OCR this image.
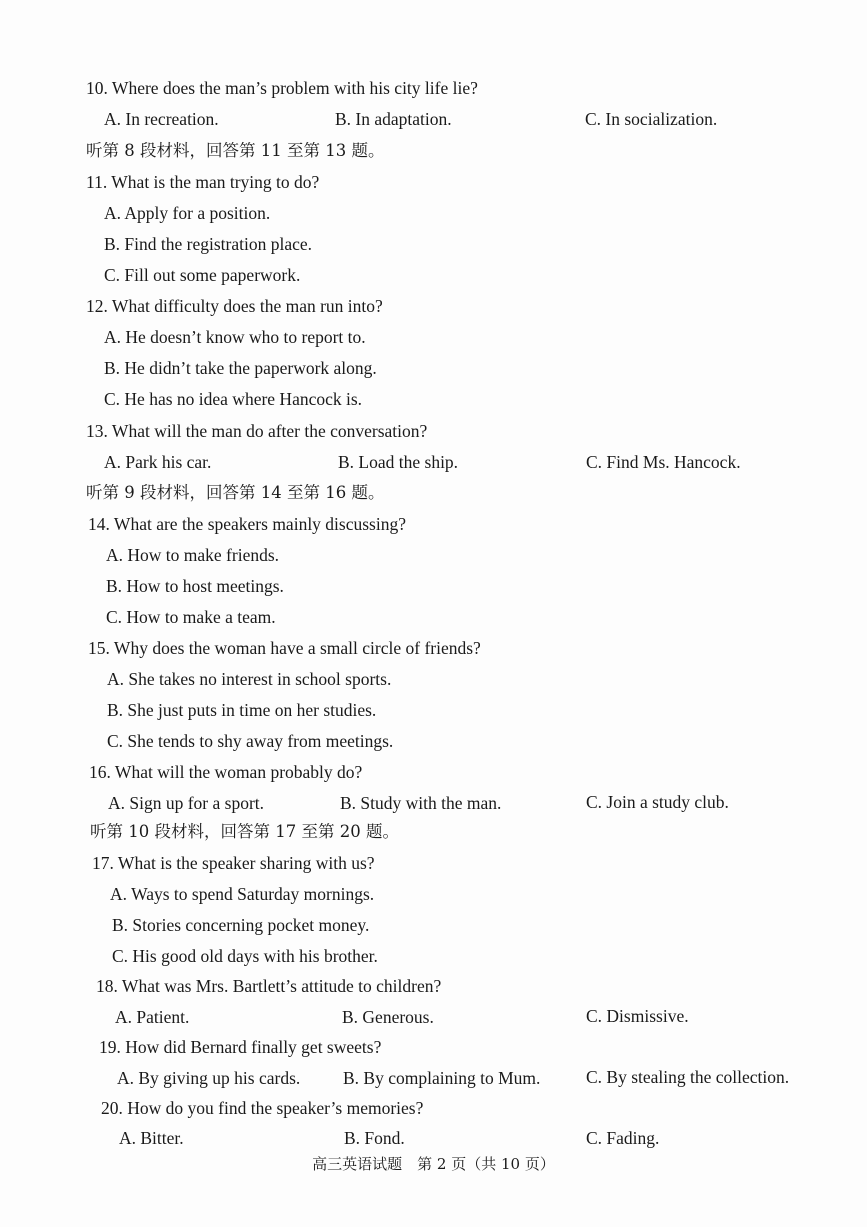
10. Where does the man’s problem with his city life lie?
A. In recreation.	B. In adaptation.	C. In socialization.
听第 8 段材料，回答第 11 至第 13 题。
11. What is the man trying to do?
A. Apply for a position.
B. Find the registration place.
C. Fill out some paperwork.
12. What difficulty does the man run into?
A. He doesn’t know who to report to.
B. He didn’t take the paperwork along.
C. He has no idea where Hancock is.
13. What will the man do after the conversation?
A. Park his car.	B. Load the ship.	C. Find Ms. Hancock.
听第 9 段材料，回答第 14 至第 16 题。
14. What are the speakers mainly discussing?
A. How to make friends.
B. How to host meetings.
C. How to make a team.
15. Why does the woman have a small circle of friends?
A. She takes no interest in school sports.
B. She just puts in time on her studies.
C. She tends to shy away from meetings.
16. What will the woman probably do?
A. Sign up for a sport.	B. Study with the man.	C. Join a study club.
听第 10 段材料，回答第 17 至第 20 题。
17. What is the speaker sharing with us?
A. Ways to spend Saturday mornings.
B. Stories concerning pocket money.
C. His good old days with his brother.
18. What was Mrs. Bartlett’s attitude to children?
A. Patient.	B. Generous.	C. Dismissive.
19. How did Bernard finally get sweets?
A. By giving up his cards. B. By complaining to Mum.	C. By stealing the collection.
20. How do you find the speaker’s memories?
A. Bitter.	B. Fond.	C. Fading.
高三英语试题　第 2 页（共 10 页）
